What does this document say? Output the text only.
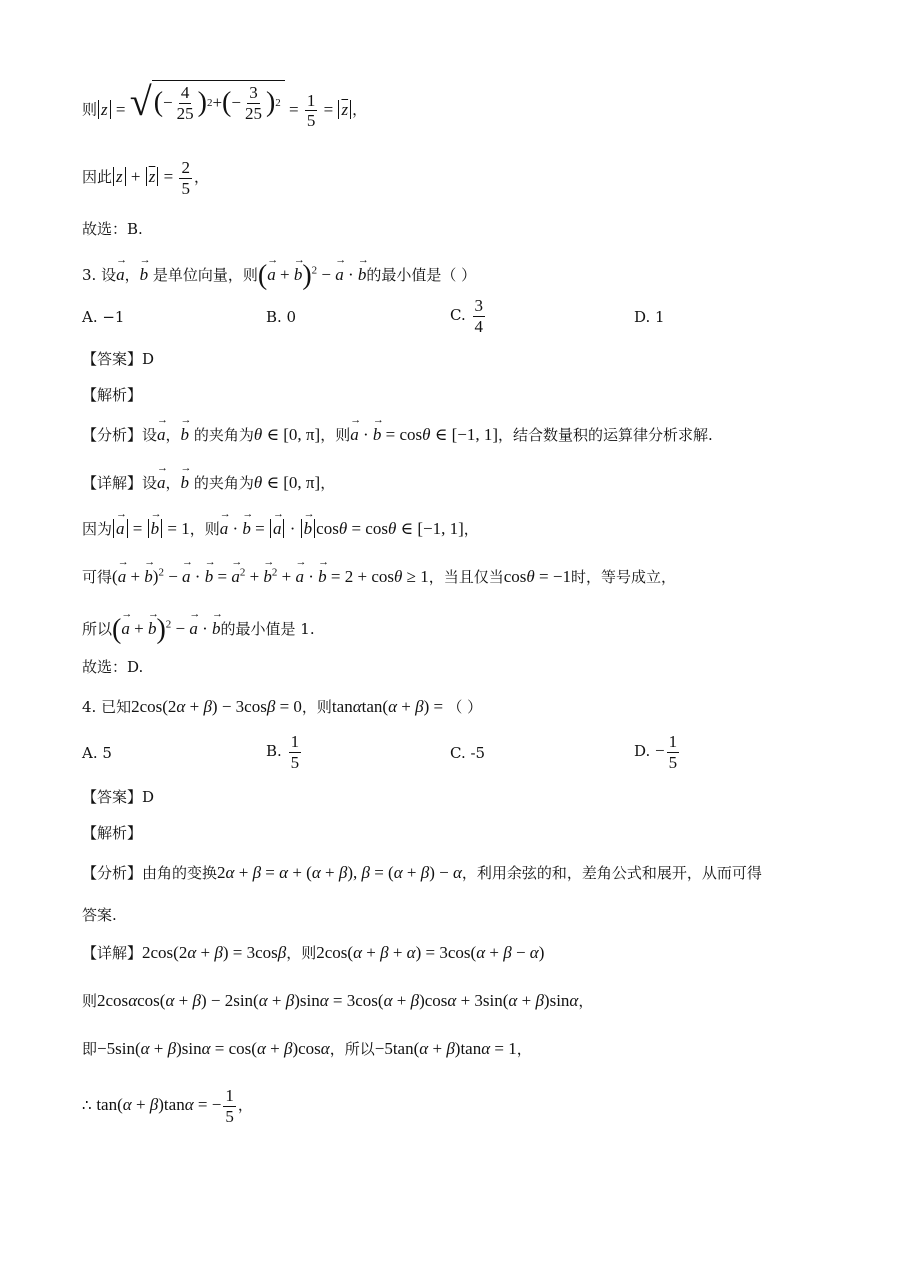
则 z = √ ( − $\frac{4}{25}$ ) 2 + ( − $\frac{3}{25}$ ) $2 = \frac{1}{5} = \overline{z}$ ，
因此 $z + \overline{z} = \frac{2}{5}$ ，
故选：B.
3. 设→ a，→ b 是单位向量，则(→ a + → b)$^2$ − → a · → b的最小值是（ ）
A. −1	B. 0	C. $\frac{3}{4}$	D. 1
【答案】D
【解析】
【分析】设→ a，→ b 的夹角为θ ∈ [0, π]，则→ a · → b = cosθ ∈ [−1, 1]，结合数量积的运算律分析求解.
【详解】设→ a，→ b 的夹角为θ ∈ [0, π]，
因为 → a = → b = 1，则→ a · → b = → a · → b cosθ = cosθ ∈ [−1, 1]，
可得(→ a + → b)$^2$ − → a · → b = → $a^2$ + → $b^2$ + → a · → b = 2 + cosθ ≥ 1，当且仅当cosθ = −1时，等号成立，
所以(→ a + → b)$^2$ − → a · → b的最小值是 1.
故选：D.
4. 已知2cos(2α + β) − 3cosβ = 0，则tanαtan(α + β) = （ ）
A. 5	B. $\frac{1}{5}$	C. -5	D. − $\frac{1}{5}$
【答案】D
【解析】
【分析】由角的变换2α + β = α + (α + β), β = (α + β) − α，利用余弦的和，差角公式和展开，从而可得
答案.
【详解】2cos(2α + β) = 3cosβ，则2cos(α + β + α) = 3cos(α + β − α)
则2cosαcos(α + β) − 2sin(α + β)sinα = 3cos(α + β)cosα + 3sin(α + β)sinα，
即−5sin(α + β)sinα = cos(α + β)cosα，所以−5tan(α + β)tanα = 1，
∴ tan(α + β)tanα = − $\frac{1}{5}$ ，
